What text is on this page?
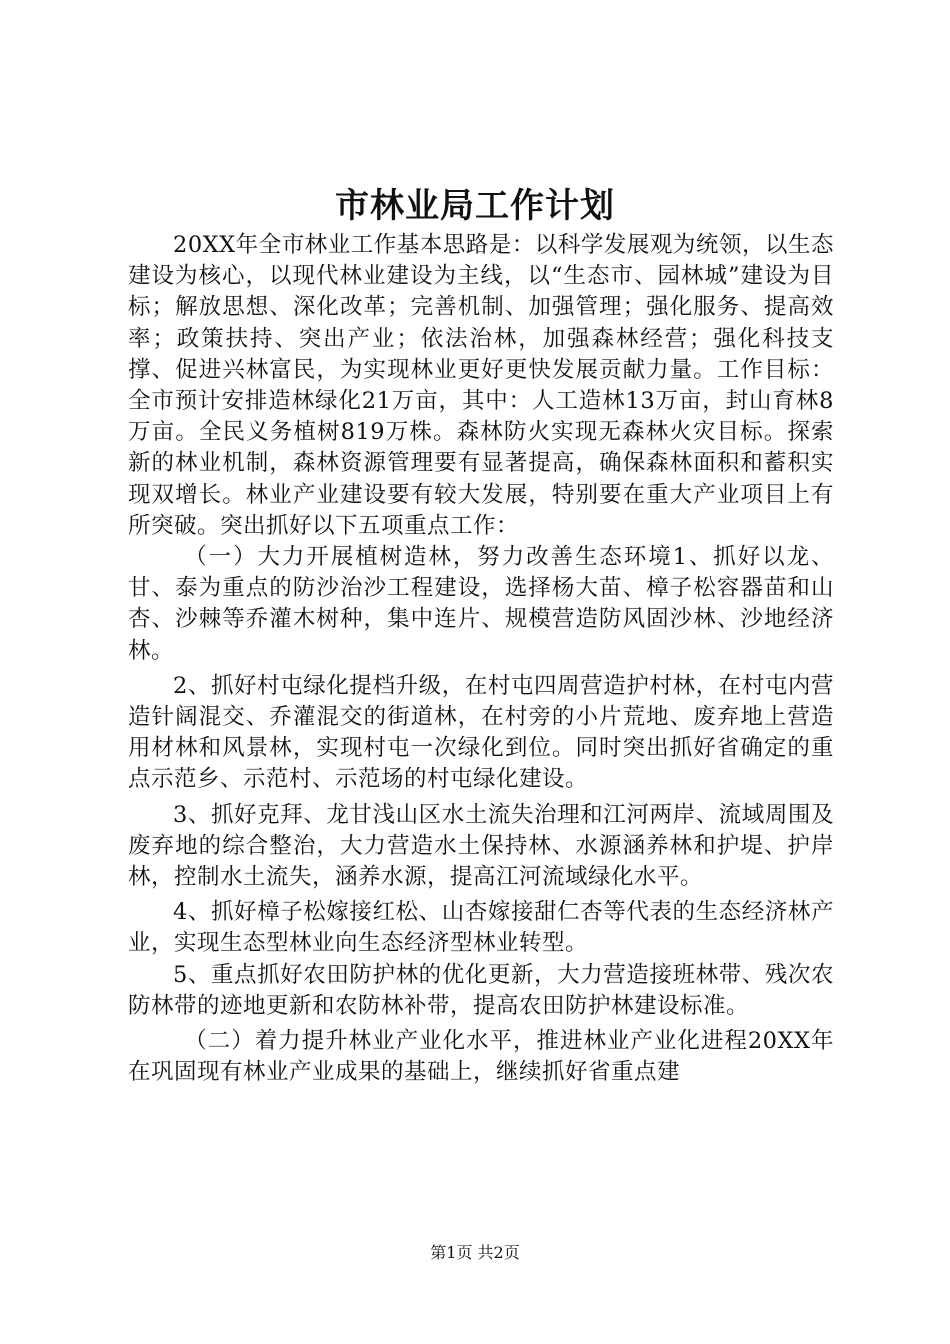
市林业局工作计划

20XX年全市林业工作基本思路是：以科学发展观为统领，以生态建设为核心，以现代林业建设为主线，以“生态市、园林城”建设为目标；解放思想、深化改革；完善机制、加强管理；强化服务、提高效率；政策扶持、突出产业；依法治林，加强森林经营；强化科技支撑、促进兴林富民，为实现林业更好更快发展贡献力量。工作目标：全市预计安排造林绿化21万亩，其中：人工造林13万亩，封山育林8万亩。全民义务植树819万株。森林防火实现无森林火灾目标。探索新的林业机制，森林资源管理要有显著提高，确保森林面积和蓄积实现双增长。林业产业建设要有较大发展，特别要在重大产业项目上有所突破。突出抓好以下五项重点工作：

（一）大力开展植树造林，努力改善生态环境1、抓好以龙、甘、泰为重点的防沙治沙工程建设，选择杨大苗、樟子松容器苗和山杏、沙棘等乔灌木树种，集中连片、规模营造防风固沙林、沙地经济林。

2、抓好村屯绿化提档升级，在村屯四周营造护村林，在村屯内营造针阔混交、乔灌混交的街道林，在村旁的小片荒地、废弃地上营造用材林和风景林，实现村屯一次绿化到位。同时突出抓好省确定的重点示范乡、示范村、示范场的村屯绿化建设。

3、抓好克拜、龙甘浅山区水土流失治理和江河两岸、流域周围及废弃地的综合整治，大力营造水土保持林、水源涵养林和护堤、护岸林，控制水土流失，涵养水源，提高江河流域绿化水平。

4、抓好樟子松嫁接红松、山杏嫁接甜仁杏等代表的生态经济林产业，实现生态型林业向生态经济型林业转型。

5、重点抓好农田防护林的优化更新，大力营造接班林带、残次农防林带的迹地更新和农防林补带，提高农田防护林建设标准。

（二）着力提升林业产业化水平，推进林业产业化进程20XX年在巩固现有林业产业成果的基础上，继续抓好省重点建

第1页 共2页
